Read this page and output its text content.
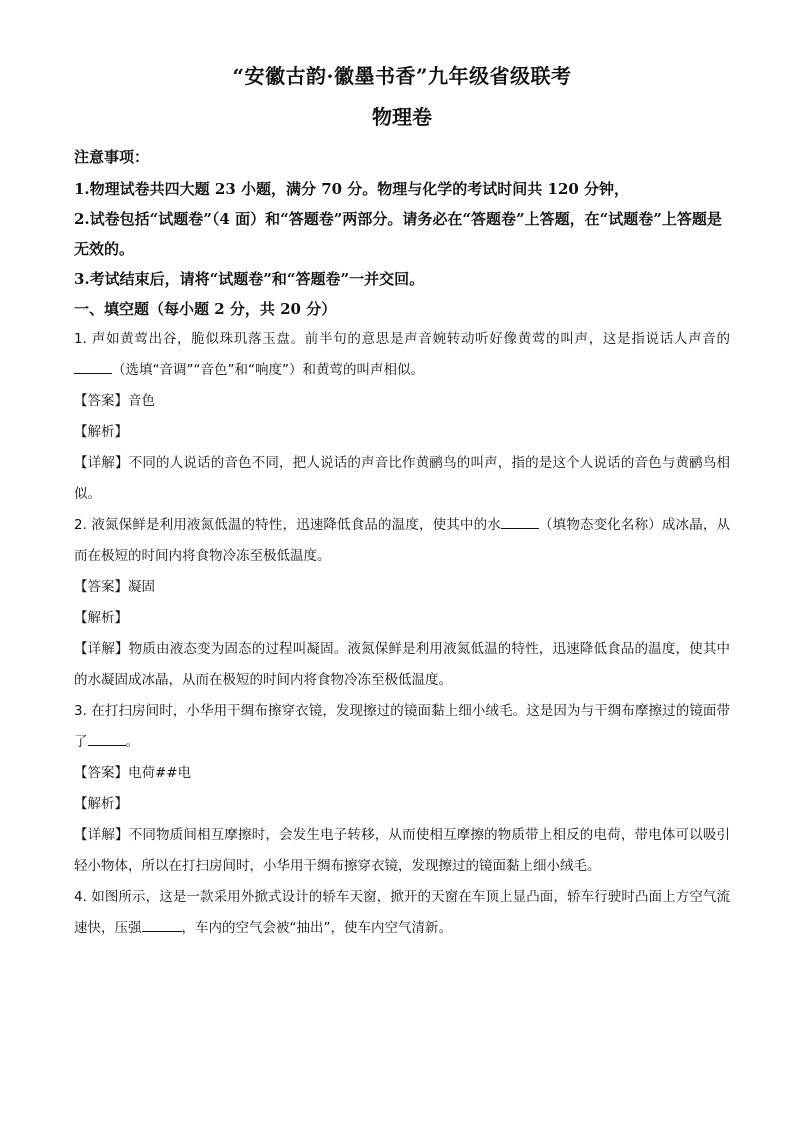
“安徽古韵·徽墨书香”九年级省级联考
物理卷
注意事项：
1.物理试卷共四大题 23 小题，满分 70 分。物理与化学的考试时间共 120 分钟，
2.试卷包括“试题卷”（4 面）和“答题卷”两部分。请务必在“答题卷”上答题，在“试题卷”上答题是无效的。
3.考试结束后，请将“试题卷”和“答题卷”一并交回。
一、填空题（每小题 2 分，共 20 分）
1. 声如黄莺出谷，脆似珠玑落玉盘。前半句的意思是声音婉转动听好像黄莺的叫声，这是指说话人声音的（选填“音调”“音色”和“响度”）和黄莺的叫声相似。
【答案】音色
【解析】
【详解】不同的人说话的音色不同，把人说话的声音比作黄鹂鸟的叫声，指的是这个人说话的音色与黄鹂鸟相似。
2. 液氮保鲜是利用液氮低温的特性，迅速降低食品的温度，使其中的水	（填物态变化名称）成冰晶，从而在极短的时间内将食物冷冻至极低温度。
【答案】凝固
【解析】
【详解】物质由液态变为固态的过程叫凝固。液氮保鲜是利用液氮低温的特性，迅速降低食品的温度，使其中的水凝固成冰晶，从而在极短的时间内将食物冷冻至极低温度。
3. 在打扫房间时，小华用干绸布擦穿衣镜，发现擦过的镜面黏上细小绒毛。这是因为与干绸布摩擦过的镜面带了	。
【答案】电荷##电
【解析】
【详解】不同物质间相互摩擦时，会发生电子转移，从而使相互摩擦的物质带上相反的电荷，带电体可以吸引轻小物体，所以在打扫房间时，小华用干绸布擦穿衣镜，发现擦过的镜面黏上细小绒毛。
4. 如图所示，这是一款采用外掀式设计的轿车天窗，掀开的天窗在车顶上显凸面，轿车行驶时凸面上方空气流速快，压强	，车内的空气会被“抽出”，使车内空气清新。
